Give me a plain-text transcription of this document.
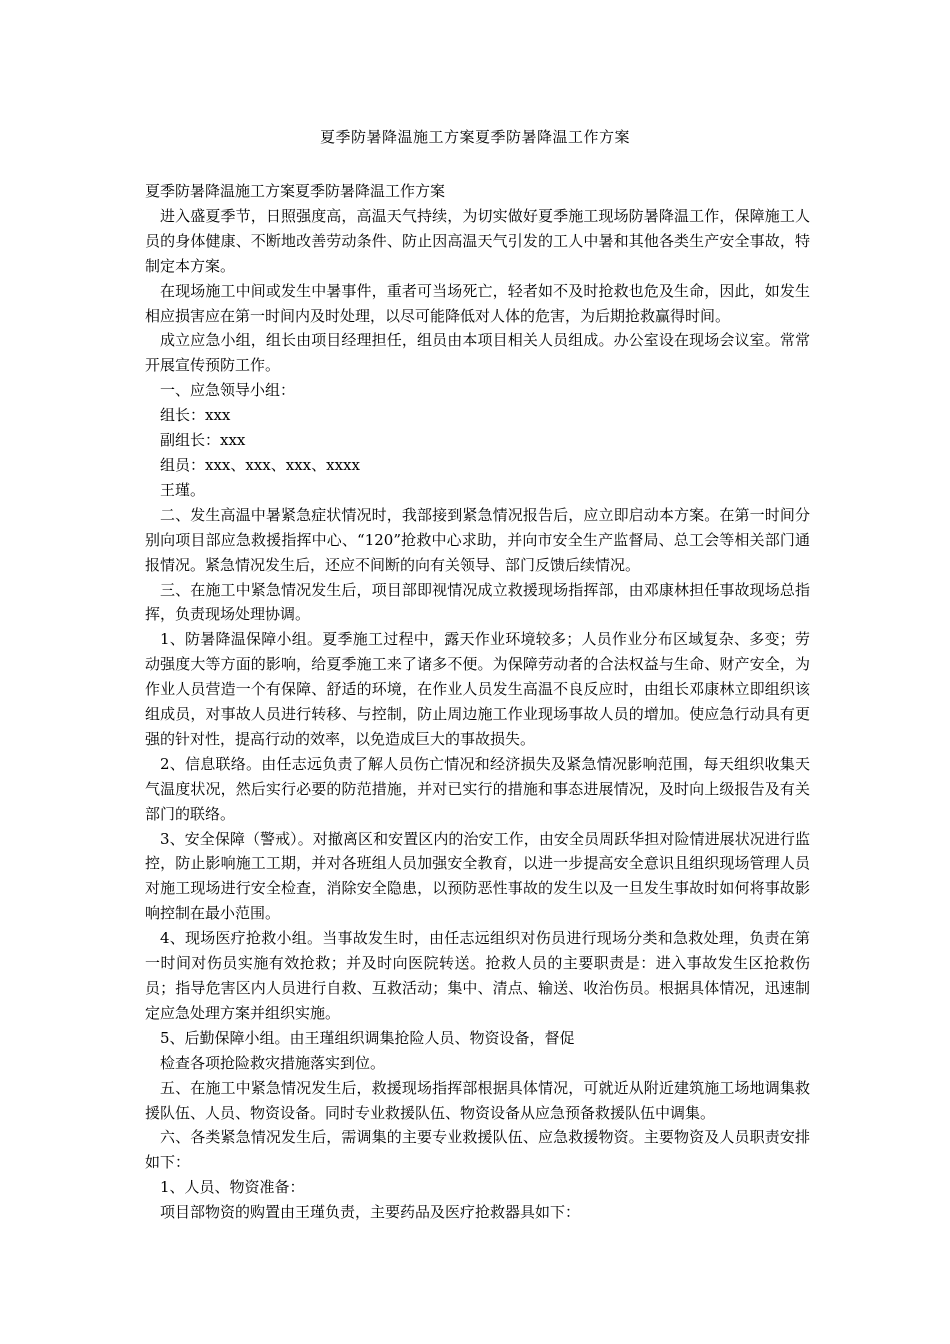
夏季防暑降温施工方案夏季防暑降温工作方案

夏季防暑降温施工方案夏季防暑降温工作方案

进入盛夏季节，日照强度高，高温天气持续，为切实做好夏季施工现场防暑降温工作，保障施工人员的身体健康、不断地改善劳动条件、防止因高温天气引发的工人中暑和其他各类生产安全事故，特制定本方案。

在现场施工中间或发生中暑事件，重者可当场死亡，轻者如不及时抢救也危及生命，因此，如发生相应损害应在第一时间内及时处理，以尽可能降低对人体的危害，为后期抢救赢得时间。

成立应急小组，组长由项目经理担任，组员由本项目相关人员组成。办公室设在现场会议室。常常开展宣传预防工作。

一、应急领导小组：

组长：xxx

副组长：xxx

组员：xxx、xxx、xxx、xxxx

王瑾。

二、发生高温中暑紧急症状情况时，我部接到紧急情况报告后，应立即启动本方案。在第一时间分别向项目部应急救援指挥中心、“120”抢救中心求助，并向市安全生产监督局、总工会等相关部门通报情况。紧急情况发生后，还应不间断的向有关领导、部门反馈后续情况。

三、在施工中紧急情况发生后，项目部即视情况成立救援现场指挥部，由邓康林担任事故现场总指挥，负责现场处理协调。

1、防暑降温保障小组。夏季施工过程中，露天作业环境较多；人员作业分布区域复杂、多变；劳动强度大等方面的影响，给夏季施工来了诸多不便。为保障劳动者的合法权益与生命、财产安全，为作业人员营造一个有保障、舒适的环境，在作业人员发生高温不良反应时，由组长邓康林立即组织该组成员，对事故人员进行转移、与控制，防止周边施工作业现场事故人员的增加。使应急行动具有更强的针对性，提高行动的效率，以免造成巨大的事故损失。

2、信息联络。由任志远负责了解人员伤亡情况和经济损失及紧急情况影响范围，每天组织收集天气温度状况，然后实行必要的防范措施，并对已实行的措施和事态进展情况，及时向上级报告及有关部门的联络。

3、安全保障（警戒）。对撤离区和安置区内的治安工作，由安全员周跃华担对险情进展状况进行监控，防止影响施工工期，并对各班组人员加强安全教育，以进一步提高安全意识且组织现场管理人员对施工现场进行安全检查，消除安全隐患，以预防恶性事故的发生以及一旦发生事故时如何将事故影响控制在最小范围。

4、现场医疗抢救小组。当事故发生时，由任志远组织对伤员进行现场分类和急救处理，负责在第一时间对伤员实施有效抢救；并及时向医院转送。抢救人员的主要职责是：进入事故发生区抢救伤员；指导危害区内人员进行自救、互救活动；集中、清点、输送、收治伤员。根据具体情况，迅速制定应急处理方案并组织实施。

5、后勤保障小组。由王瑾组织调集抢险人员、物资设备，督促

检查各项抢险救灾措施落实到位。

五、在施工中紧急情况发生后，救援现场指挥部根据具体情况，可就近从附近建筑施工场地调集救援队伍、人员、物资设备。同时专业救援队伍、物资设备从应急预备救援队伍中调集。

六、各类紧急情况发生后，需调集的主要专业救援队伍、应急救援物资。主要物资及人员职责安排如下：

1、人员、物资准备：

项目部物资的购置由王瑾负责，主要药品及医疗抢救器具如下：
